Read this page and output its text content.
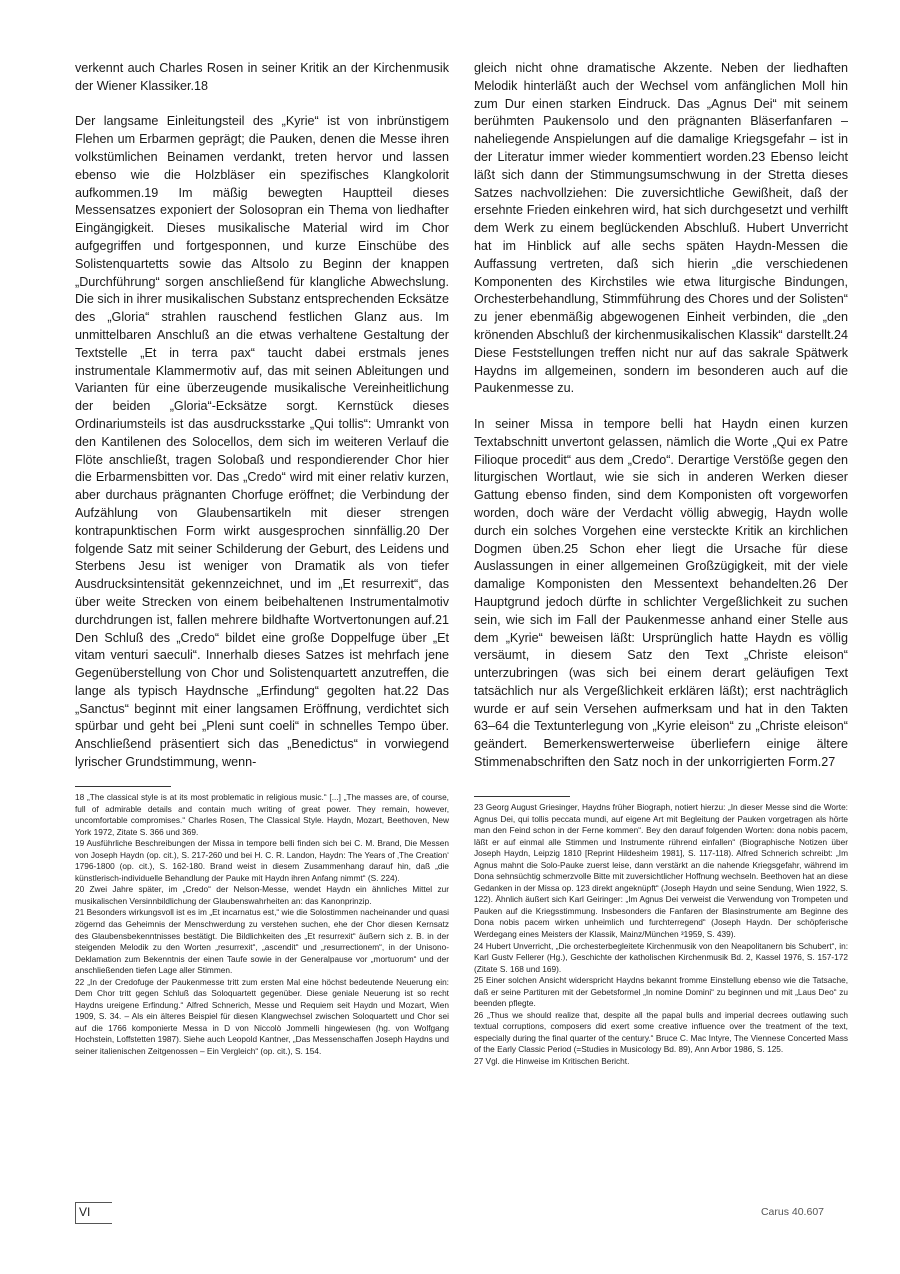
verkennt auch Charles Rosen in seiner Kritik an der Kirchenmusik der Wiener Klassiker.18

Der langsame Einleitungsteil des „Kyrie“ ist von inbrünstigem Flehen um Erbarmen geprägt; die Pauken, denen die Messe ihren volkstümlichen Beinamen verdankt, treten hervor und lassen ebenso wie die Holzbläser ein spezifisches Klangkolorit aufkommen.19 Im mäßig bewegten Hauptteil dieses Messensatzes exponiert der Solosopran ein Thema von liedhafter Eingängigkeit. Dieses musikalische Material wird im Chor aufgegriffen und fortgesponnen, und kurze Einschübe des Solistenquartetts sowie das Altsolo zu Beginn der knappen „Durchführung“ sorgen anschließend für klangliche Abwechslung. Die sich in ihrer musikalischen Substanz entsprechenden Ecksätze des „Gloria“ strahlen rauschend festlichen Glanz aus. Im unmittelbaren Anschluß an die etwas verhaltene Gestaltung der Textstelle „Et in terra pax“ taucht dabei erstmals jenes instrumentale Klammermotiv auf, das mit seinen Ableitungen und Varianten für eine überzeugende musikalische Vereinheitlichung der beiden „Gloria“-Ecksätze sorgt. Kernstück dieses Ordinariumsteils ist das ausdrucksstarke „Qui tollis“: Umrankt von den Kantilenen des Solocellos, dem sich im weiteren Verlauf die Flöte anschließt, tragen Solobaß und respondierender Chor hier die Erbarmensbitten vor. Das „Credo“ wird mit einer relativ kurzen, aber durchaus prägnanten Chorfuge eröffnet; die Verbindung der Aufzählung von Glaubensartikeln mit dieser strengen kontrapunktischen Form wirkt ausgesprochen sinnfällig.20 Der folgende Satz mit seiner Schilderung der Geburt, des Leidens und Sterbens Jesu ist weniger von Dramatik als von tiefer Ausdrucksintensität gekennzeichnet, und im „Et resurrexit“, das über weite Strecken von einem beibehaltenen Instrumentalmotiv durchdrungen ist, fallen mehrere bildhafte Wortvertonungen auf.21 Den Schluß des „Credo“ bildet eine große Doppelfuge über „Et vitam venturi saeculi“. Innerhalb dieses Satzes ist mehrfach jene Gegenüberstellung von Chor und Solistenquartett anzutreffen, die lange als typisch Haydnsche „Erfindung“ gegolten hat.22 Das „Sanctus“ beginnt mit einer langsamen Eröffnung, verdichtet sich spürbar und geht bei „Pleni sunt coeli“ in schnelles Tempo über. Anschließend präsentiert sich das „Benedictus“ in vorwiegend lyrischer Grundstimmung, wenn-

gleich nicht ohne dramatische Akzente. Neben der liedhaften Melodik hinterläßt auch der Wechsel vom anfänglichen Moll hin zum Dur einen starken Eindruck. Das „Agnus Dei“ mit seinem berühmten Paukensolo und den prägnanten Bläserfanfaren – naheliegende Anspielungen auf die damalige Kriegsgefahr – ist in der Literatur immer wieder kommentiert worden.23 Ebenso leicht läßt sich dann der Stimmungsumschwung in der Stretta dieses Satzes nachvollziehen: Die zuversichtliche Gewißheit, daß der ersehnte Frieden einkehren wird, hat sich durchgesetzt und verhilft dem Werk zu einem beglückenden Abschluß. Hubert Unverricht hat im Hinblick auf alle sechs späten Haydn-Messen die Auffassung vertreten, daß sich hierin „die verschiedenen Komponenten des Kirchstiles wie etwa liturgische Bindungen, Orchesterbehandlung, Stimmführung des Chores und der Solisten“ zu jener ebenmäßig abgewogenen Einheit verbinden, die „den krönenden Abschluß der kirchenmusikalischen Klassik“ darstellt.24 Diese Feststellungen treffen nicht nur auf das sakrale Spätwerk Haydns im allgemeinen, sondern im besonderen auch auf die Paukenmesse zu.

In seiner Missa in tempore belli hat Haydn einen kurzen Textabschnitt unvertont gelassen, nämlich die Worte „Qui ex Patre Filioque procedit“ aus dem „Credo“. Derartige Verstöße gegen den liturgischen Wortlaut, wie sie sich in anderen Werken dieser Gattung ebenso finden, sind dem Komponisten oft vorgeworfen worden, doch wäre der Verdacht völlig abwegig, Haydn wolle durch ein solches Vorgehen eine versteckte Kritik an kirchlichen Dogmen üben.25 Schon eher liegt die Ursache für diese Auslassungen in einer allgemeinen Großzügigkeit, mit der viele damalige Komponisten den Messentext behandelten.26 Der Hauptgrund jedoch dürfte in schlichter Vergeßlichkeit zu suchen sein, wie sich im Fall der Paukenmesse anhand einer Stelle aus dem „Kyrie“ beweisen läßt: Ursprünglich hatte Haydn es völlig versäumt, in diesem Satz den Text „Christe eleison“ unterzubringen (was sich bei einem derart geläufigen Text tatsächlich nur als Vergeßlichkeit erklären läßt); erst nachträglich wurde er auf sein Versehen aufmerksam und hat in den Takten 63–64 die Textunterlegung von „Kyrie eleison“ zu „Christe eleison“ geändert. Bemerkenswerterweise überliefern einige ältere Stimmenabschriften den Satz noch in der unkorrigierten Form.27

18 „The classical style is at its most problematic in religious music.“ [...] „The masses are, of course, full of admirable details and contain much writing of great power. They remain, however, uncomfortable compromises.“ Charles Rosen, The Classical Style. Haydn, Mozart, Beethoven, New York 1972, Zitate S. 366 und 369.

19 Ausführliche Beschreibungen der Missa in tempore belli finden sich bei C. M. Brand, Die Messen von Joseph Haydn (op. cit.), S. 217-260 und bei H. C. R. Landon, Haydn: The Years of ‚The Creation‘ 1796-1800 (op. cit.), S. 162-180. Brand weist in diesem Zusammenhang darauf hin, daß „die künstlerisch-individuelle Behandlung der Pauke mit Haydn ihren Anfang nimmt“ (S. 224).

20 Zwei Jahre später, im „Credo“ der Nelson-Messe, wendet Haydn ein ähnliches Mittel zur musikalischen Versinnbildlichung der Glaubenswahrheiten an: das Kanonprinzip.

21 Besonders wirkungsvoll ist es im „Et incarnatus est,“ wie die Solostimmen nacheinander und quasi zögernd das Geheimnis der Menschwerdung zu verstehen suchen, ehe der Chor diesen Kernsatz des Glaubensbekenntnisses bestätigt. Die Bildlichkeiten des „Et resurrexit“ äußern sich z. B. in der steigenden Melodik zu den Worten „resurrexit“, „ascendit“ und „resurrectionem“, in der Unisono-Deklamation zum Bekenntnis der einen Taufe sowie in der Generalpause vor „mortuorum“ und der anschließenden tiefen Lage aller Stimmen.

22 „In der Credofuge der Paukenmesse tritt zum ersten Mal eine höchst bedeutende Neuerung ein: Dem Chor tritt gegen Schluß das Soloquartett gegenüber. Diese geniale Neuerung ist so recht Haydns ureigene Erfindung.“ Alfred Schnerich, Messe und Requiem seit Haydn und Mozart, Wien 1909, S. 34. – Als ein älteres Beispiel für diesen Klangwechsel zwischen Soloquartett und Chor sei auf die 1766 komponierte Messa in D von Niccolò Jommelli hingewiesen (hg. von Wolfgang Hochstein, Loffstetten 1987). Siehe auch Leopold Kantner, „Das Messenschaffen Joseph Haydns und seiner italienischen Zeitgenossen – Ein Vergleich“ (op. cit.), S. 154.

23 Georg August Griesinger, Haydns früher Biograph, notiert hierzu: „In dieser Messe sind die Worte: Agnus Dei, qui tollis peccata mundi, auf eigene Art mit Begleitung der Pauken vorgetragen als hörte man den Feind schon in der Ferne kommen“. Bey den darauf folgenden Worten: dona nobis pacem, läßt er auf einmal alle Stimmen und Instrumente rührend einfallen“ (Biographische Notizen über Joseph Haydn, Leipzig 1810 [Reprint Hildesheim 1981], S. 117-118). Alfred Schnerich schreibt: „Im Agnus mahnt die Solo-Pauke zuerst leise, dann verstärkt an die nahende Kriegsgefahr, während im Dona sehnsüchtig schmerzvolle Bitte mit zuversichtlicher Hoffnung wechseln. Beethoven hat an diese Gedanken in der Missa op. 123 direkt angeknüpft“ (Joseph Haydn und seine Sendung, Wien 1922, S. 122). Ähnlich äußert sich Karl Geiringer: „Im Agnus Dei verweist die Verwendung von Trompeten und Pauken auf die Kriegsstimmung. Insbesonders die Fanfaren der Blasinstrumente am Beginne des Dona nobis pacem wirken unheimlich und furchterregend“ (Joseph Haydn. Der schöpferische Werdegang eines Meisters der Klassik, Mainz/München ³1959, S. 439).

24 Hubert Unverricht, „Die orchesterbegleitete Kirchenmusik von den Neapolitanern bis Schubert“, in: Karl Gustv Fellerer (Hg.), Geschichte der katholischen Kirchenmusik Bd. 2, Kassel 1976, S. 157-172 (Zitate S. 168 und 169).

25 Einer solchen Ansicht widerspricht Haydns bekannt fromme Einstellung ebenso wie die Tatsache, daß er seine Partituren mit der Gebetsformel „In nomine Domini“ zu beginnen und mit „Laus Deo“ zu beenden pflegte.

26 „Thus we should realize that, despite all the papal bulls and imperial decrees outlawing such textual corruptions, composers did exert some creative influence over the treatment of the text, especially during the final quarter of the century.“ Bruce C. Mac Intyre, The Viennese Concerted Mass of the Early Classic Period (=Studies in Musicology Bd. 89), Ann Arbor 1986, S. 125.

27 Vgl. die Hinweise im Kritischen Bericht.

VI	Carus 40.607
